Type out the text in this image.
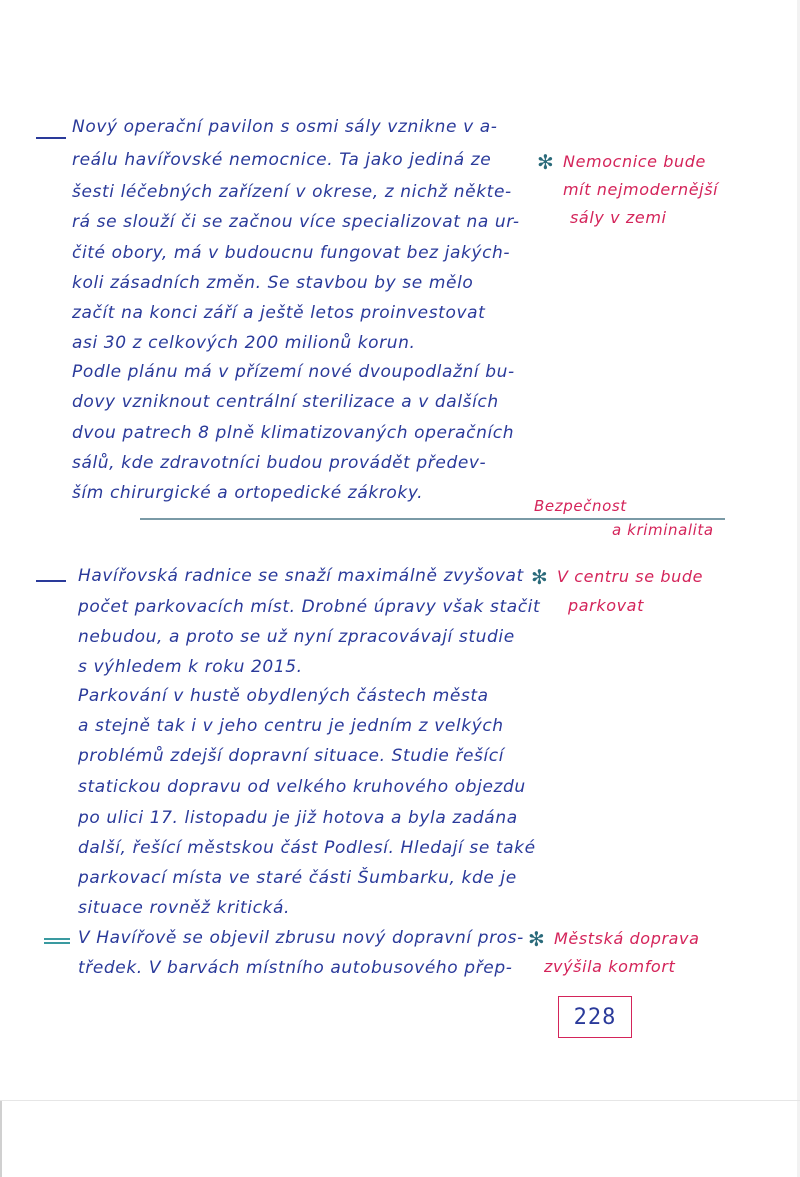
Nový operační pavilon s osmi sály vznikne v a-
reálu havířovské nemocnice. Ta jako jediná ze
šesti léčebných zařízení v okrese, z nichž někte-
rá se slouží či se začnou více specializovat na ur-
čité obory, má v budoucnu fungovat bez jakých-
koli zásadních změn. Se stavbou by se mělo
začít na konci září a ještě letos proinvestovat
asi 30 z celkových 200 milionů korun.
Podle plánu má v přízemí nové dvoupodlažní bu-
dovy vzniknout centrální sterilizace a v dalších
dvou patrech 8 plně klimatizovaných operačních
sálů, kde zdravotníci budou provádět předev-
ším chirurgické a ortopedické zákroky.
✻ Nemocnice bude
mít nejmodernější
sály v zemi
Bezpečnost
a kriminalita
Havířovská radnice se snaží maximálně zvyšovat
počet parkovacích míst. Drobné úpravy však stačit
nebudou, a proto se už nyní zpracovávají studie
s výhledem k roku 2015.
Parkování v hustě obydlených částech města
a stejně tak i v jeho centru je jedním z velkých
problémů zdejší dopravní situace. Studie řešící
statickou dopravu od velkého kruhového objezdu
po ulici 17. listopadu je již hotova a byla zadána
další, řešící městskou část Podlesí. Hledají se také
parkovací místa ve staré části Šumbarku, kde je
situace rovněž kritická.
✻ V centru se bude
parkovat
V Havířově se objevil zbrusu nový dopravní pros-
tředek. V barvách místního autobusového přep-
✻ Městská doprava
zvýšila komfort
228
